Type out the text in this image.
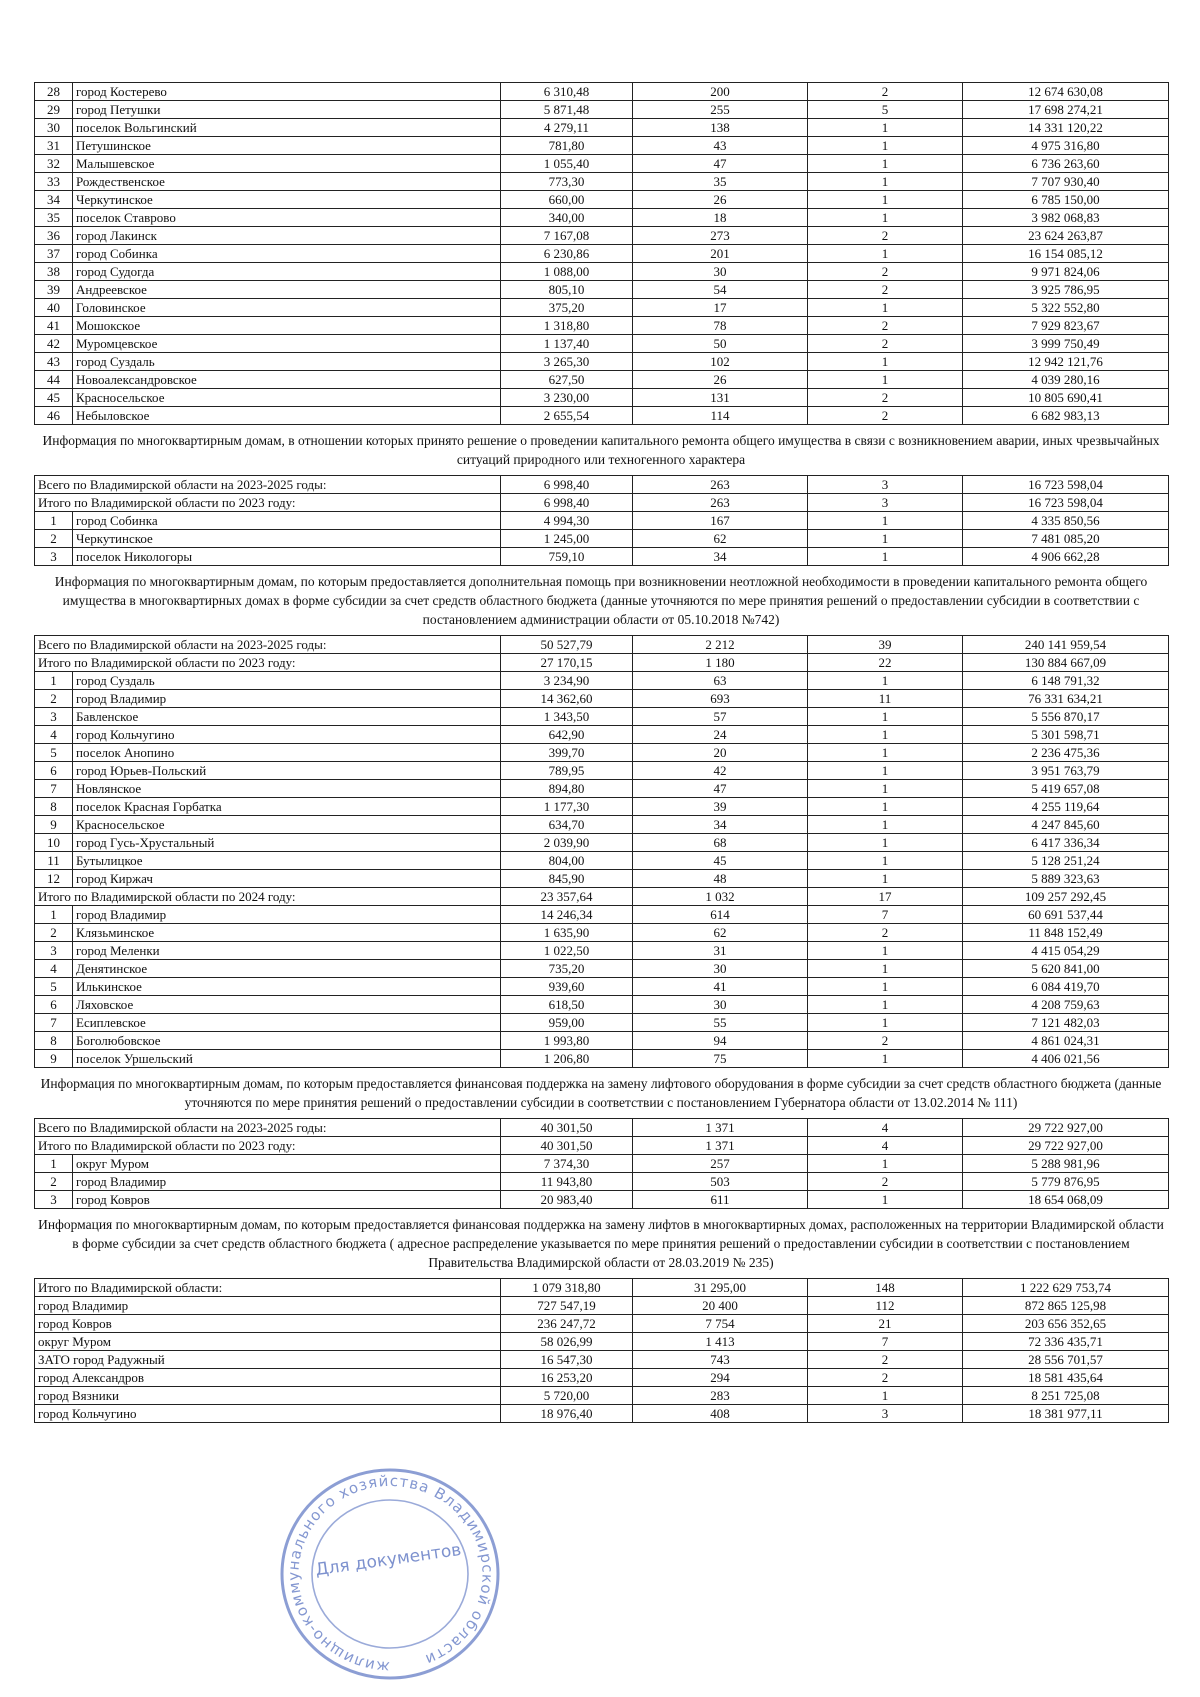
28	город Костерево	6 310,48	200	2	12 674 630,08
29	город Петушки	5 871,48	255	5	17 698 274,21
30	поселок Вольгинский	4 279,11	138	1	14 331 120,22
31	Петушинское	781,80	43	1	4 975 316,80
32	Малышевское	1 055,40	47	1	6 736 263,60
33	Рождественское	773,30	35	1	7 707 930,40
34	Черкутинское	660,00	26	1	6 785 150,00
35	поселок Ставрово	340,00	18	1	3 982 068,83
36	город Лакинск	7 167,08	273	2	23 624 263,87
37	город Собинка	6 230,86	201	1	16 154 085,12
38	город Судогда	1 088,00	30	2	9 971 824,06
39	Андреевское	805,10	54	2	3 925 786,95
40	Головинское	375,20	17	1	5 322 552,80
41	Мошокское	1 318,80	78	2	7 929 823,67
42	Муромцевское	1 137,40	50	2	3 999 750,49
43	город Суздаль	3 265,30	102	1	12 942 121,76
44	Новоалександровское	627,50	26	1	4 039 280,16
45	Красносельское	3 230,00	131	2	10 805 690,41
46	Небыловское	2 655,54	114	2	6 682 983,13
Информация по многоквартирным домам, в отношении которых принято решение о проведении капитального ремонта общего имущества в связи с возникновением аварии, иных чрезвычайных ситуаций природного или техногенного характера
Всего по Владимирской области на 2023-2025 годы:		6 998,40	263	3	16 723 598,04
Итого по Владимирской области по 2023 году:		6 998,40	263	3	16 723 598,04
1	город Собинка	4 994,30	167	1	4 335 850,56
2	Черкутинское	1 245,00	62	1	7 481 085,20
3	поселок Никологоры	759,10	34	1	4 906 662,28
Информация по многоквартирным домам, по которым предоставляется дополнительная помощь при возникновении неотложной необходимости в проведении капитального ремонта общего имущества в многоквартирных домах в форме субсидии за счет средств областного бюджета (данные уточняются по мере принятия решений о предоставлении субсидии в соответствии с постановлением администрации области от 05.10.2018 №742)
Всего по Владимирской области на 2023-2025 годы:		50 527,79	2 212	39	240 141 959,54
Итого по Владимирской области по 2023 году:		27 170,15	1 180	22	130 884 667,09
1	город Суздаль	3 234,90	63	1	6 148 791,32
2	город Владимир	14 362,60	693	11	76 331 634,21
3	Бавленское	1 343,50	57	1	5 556 870,17
4	город Кольчугино	642,90	24	1	5 301 598,71
5	поселок Анопино	399,70	20	1	2 236 475,36
6	город Юрьев-Польский	789,95	42	1	3 951 763,79
7	Новлянское	894,80	47	1	5 419 657,08
8	поселок Красная Горбатка	1 177,30	39	1	4 255 119,64
9	Красносельское	634,70	34	1	4 247 845,60
10	город Гусь-Хрустальный	2 039,90	68	1	6 417 336,34
11	Бутылицкое	804,00	45	1	5 128 251,24
12	город Киржач	845,90	48	1	5 889 323,63
Итого по Владимирской области по 2024 году:		23 357,64	1 032	17	109 257 292,45
1	город Владимир	14 246,34	614	7	60 691 537,44
2	Клязьминское	1 635,90	62	2	11 848 152,49
3	город Меленки	1 022,50	31	1	4 415 054,29
4	Денятинское	735,20	30	1	5 620 841,00
5	Илькинское	939,60	41	1	6 084 419,70
6	Ляховское	618,50	30	1	4 208 759,63
7	Есиплевское	959,00	55	1	7 121 482,03
8	Боголюбовское	1 993,80	94	2	4 861 024,31
9	поселок Уршельский	1 206,80	75	1	4 406 021,56
Информация по многоквартирным домам, по которым предоставляется финансовая поддержка на замену лифтового оборудования в форме субсидии за счет средств областного бюджета (данные уточняются по мере принятия решений о предоставлении субсидии в соответствии с постановлением Губернатора области от 13.02.2014 № 111)
Всего по Владимирской области на 2023-2025 годы:		40 301,50	1 371	4	29 722 927,00
Итого по Владимирской области по 2023 году:		40 301,50	1 371	4	29 722 927,00
1	округ Муром	7 374,30	257	1	5 288 981,96
2	город Владимир	11 943,80	503	2	5 779 876,95
3	город Ковров	20 983,40	611	1	18 654 068,09
Информация по многоквартирным домам, по которым предоставляется финансовая поддержка на замену лифтов в многоквартирных домах, расположенных на территории Владимирской области в форме субсидии за счет средств областного бюджета ( адресное распределение указывается по мере принятия решений о предоставлении субсидии в соответствии с постановлением Правительства Владимирской области от 28.03.2019 № 235)
Итого по Владимирской области:	1 079 318,80	31 295,00	148	1 222 629 753,74
город Владимир	727 547,19	20 400	112	872 865 125,98
город Ковров	236 247,72	7 754	21	203 656 352,65
округ Муром	58 026,99	1 413	7	72 336 435,71
ЗАТО город Радужный	16 547,30	743	2	28 556 701,57
город Александров	16 253,20	294	2	18 581 435,64
город Вязники	5 720,00	283	1	8 251 725,08
город Кольчугино	18 976,40	408	3	18 381 977,11
жилищно-коммунального хозяйства Владимирской области
Для документов
